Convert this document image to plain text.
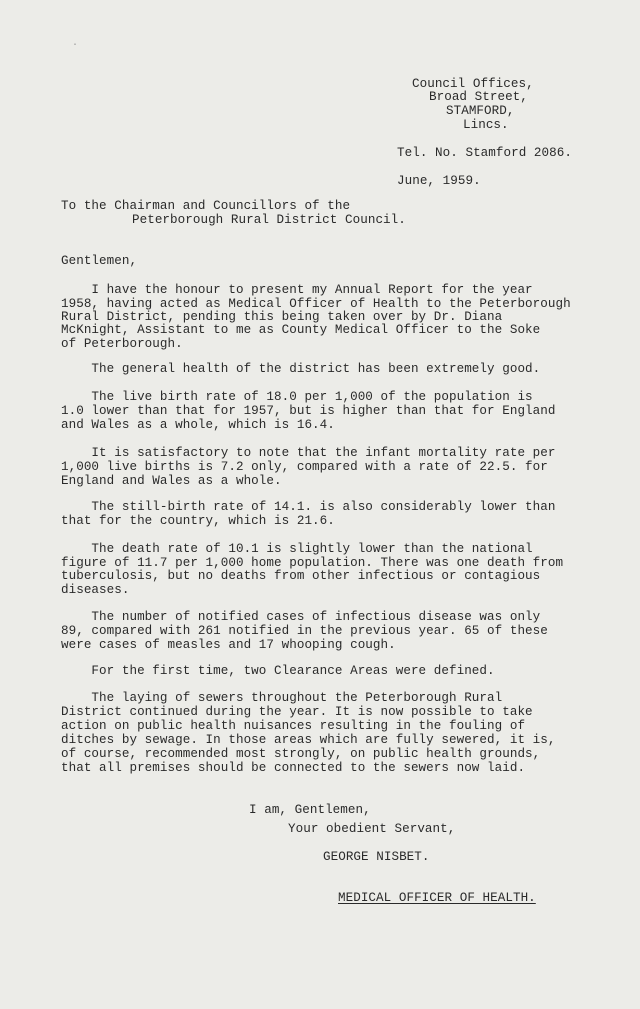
·
Council Offices,
Broad Street,
STAMFORD,
Lincs.
Tel. No. Stamford 2086.
June, 1959.
To the Chairman and Councillors of the
Peterborough Rural District Council.
Gentlemen,
I have the honour to present my Annual Report for the year
1958, having acted as Medical Officer of Health to the Peterborough
Rural District, pending this being taken over by Dr. Diana
McKnight, Assistant to me as County Medical Officer to the Soke
of Peterborough.
The general health of the district has been extremely good.
The live birth rate of 18.0 per 1,000 of the population is
1.0 lower than that for 1957, but is higher than that for England
and Wales as a whole, which is 16.4.
It is satisfactory to note that the infant mortality rate per
1,000 live births is 7.2 only, compared with a rate of 22.5. for
England and Wales as a whole.
The still-birth rate of 14.1. is also considerably lower than
that for the country, which is 21.6.
The death rate of 10.1 is slightly lower than the national
figure of 11.7 per 1,000 home population. There was one death from
tuberculosis, but no deaths from other infectious or contagious
diseases.
The number of notified cases of infectious disease was only
89, compared with 261 notified in the previous year. 65 of these
were cases of measles and 17 whooping cough.
For the first time, two Clearance Areas were defined.
The laying of sewers throughout the Peterborough Rural
District continued during the year. It is now possible to take
action on public health nuisances resulting in the fouling of
ditches by sewage. In those areas which are fully sewered, it is,
of course, recommended most strongly, on public health grounds,
that all premises should be connected to the sewers now laid.
I am, Gentlemen,
Your obedient Servant,
GEORGE NISBET.
MEDICAL OFFICER OF HEALTH.
